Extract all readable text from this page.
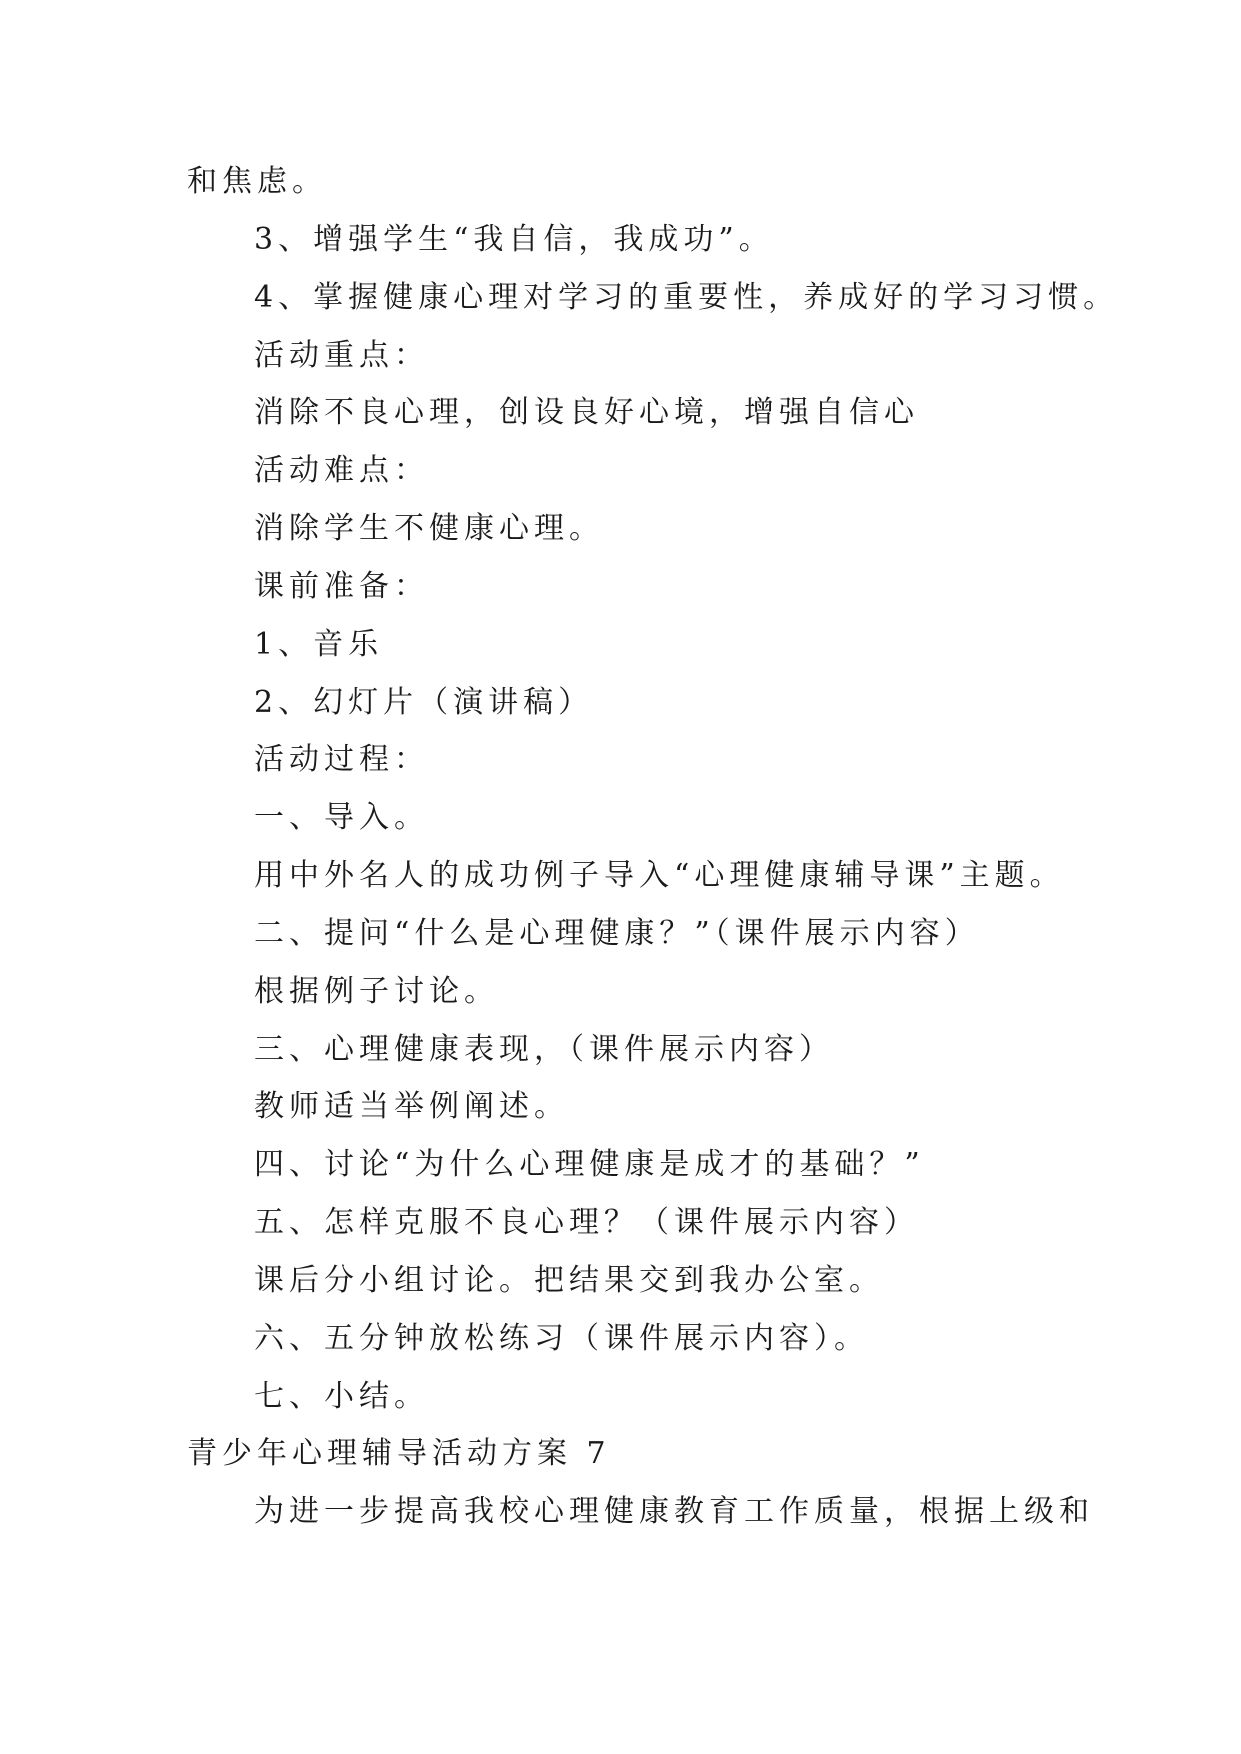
和焦虑。
3、增强学生“我自信，我成功”。
4、掌握健康心理对学习的重要性，养成好的学习习惯。
活动重点：
消除不良心理，创设良好心境，增强自信心
活动难点：
消除学生不健康心理。
课前准备：
1、音乐
2、幻灯片（演讲稿）
活动过程：
一、导入。
用中外名人的成功例子导入“心理健康辅导课”主题。
二、提问“什么是心理健康？”（课件展示内容）
根据例子讨论。
三、心理健康表现，（课件展示内容）
教师适当举例阐述。
四、讨论“为什么心理健康是成才的基础？”
五、怎样克服不良心理？（课件展示内容）
课后分小组讨论。把结果交到我办公室。
六、五分钟放松练习（课件展示内容）。
七、小结。
青少年心理辅导活动方案 7
为进一步提高我校心理健康教育工作质量，根据上级和
